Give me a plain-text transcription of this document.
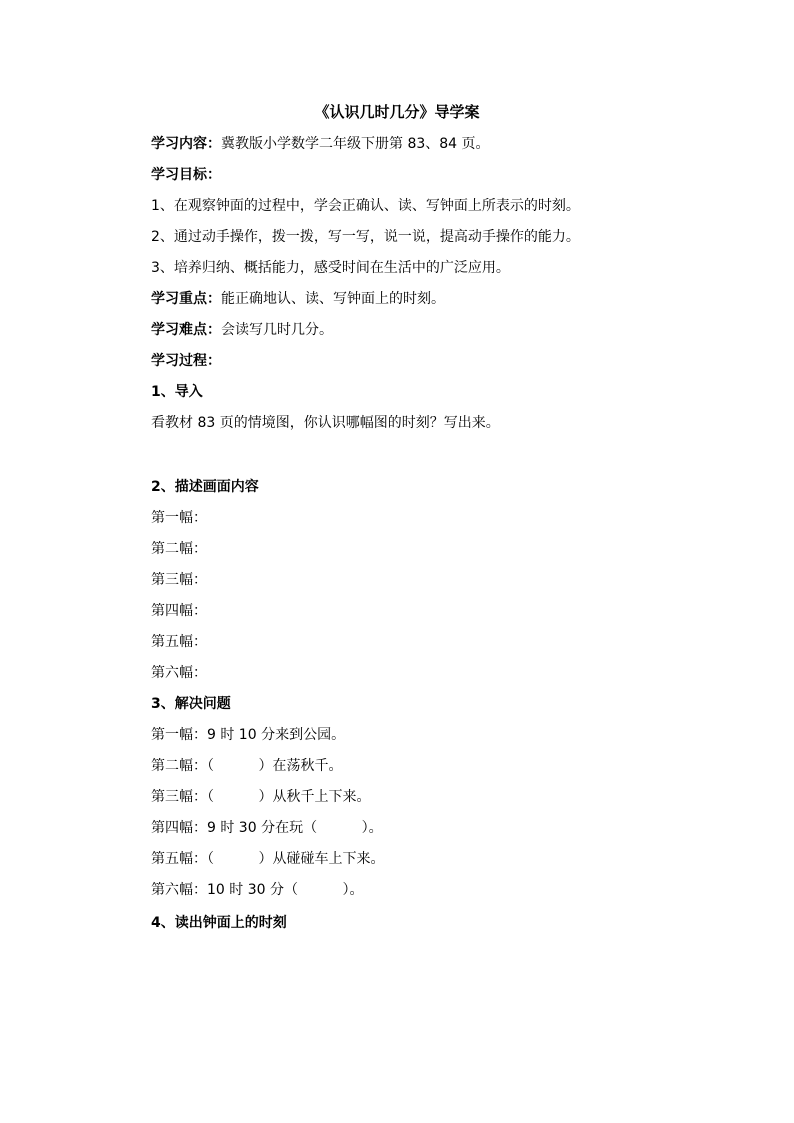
《认识几时几分》导学案
学习内容：冀教版小学数学二年级下册第 83、84 页。
学习目标：
1、在观察钟面的过程中，学会正确认、读、写钟面上所表示的时刻。
2、通过动手操作，拨一拨，写一写，说一说，提高动手操作的能力。
3、培养归纳、概括能力，感受时间在生活中的广泛应用。
学习重点：能正确地认、读、写钟面上的时刻。
学习难点：会读写几时几分。
学习过程：
1、导入
看教材 83 页的情境图，你认识哪幅图的时刻？写出来。
2、描述画面内容
第一幅：
第二幅：
第三幅：
第四幅：
第五幅：
第六幅：
3、解决问题
第一幅：9 时 10 分来到公园。
第二幅：（          ）在荡秋千。
第三幅：（          ）从秋千上下来。
第四幅：9 时 30 分在玩（          ）。
第五幅：（          ）从碰碰车上下来。
第六幅：10 时 30 分（          ）。
4、读出钟面上的时刻
